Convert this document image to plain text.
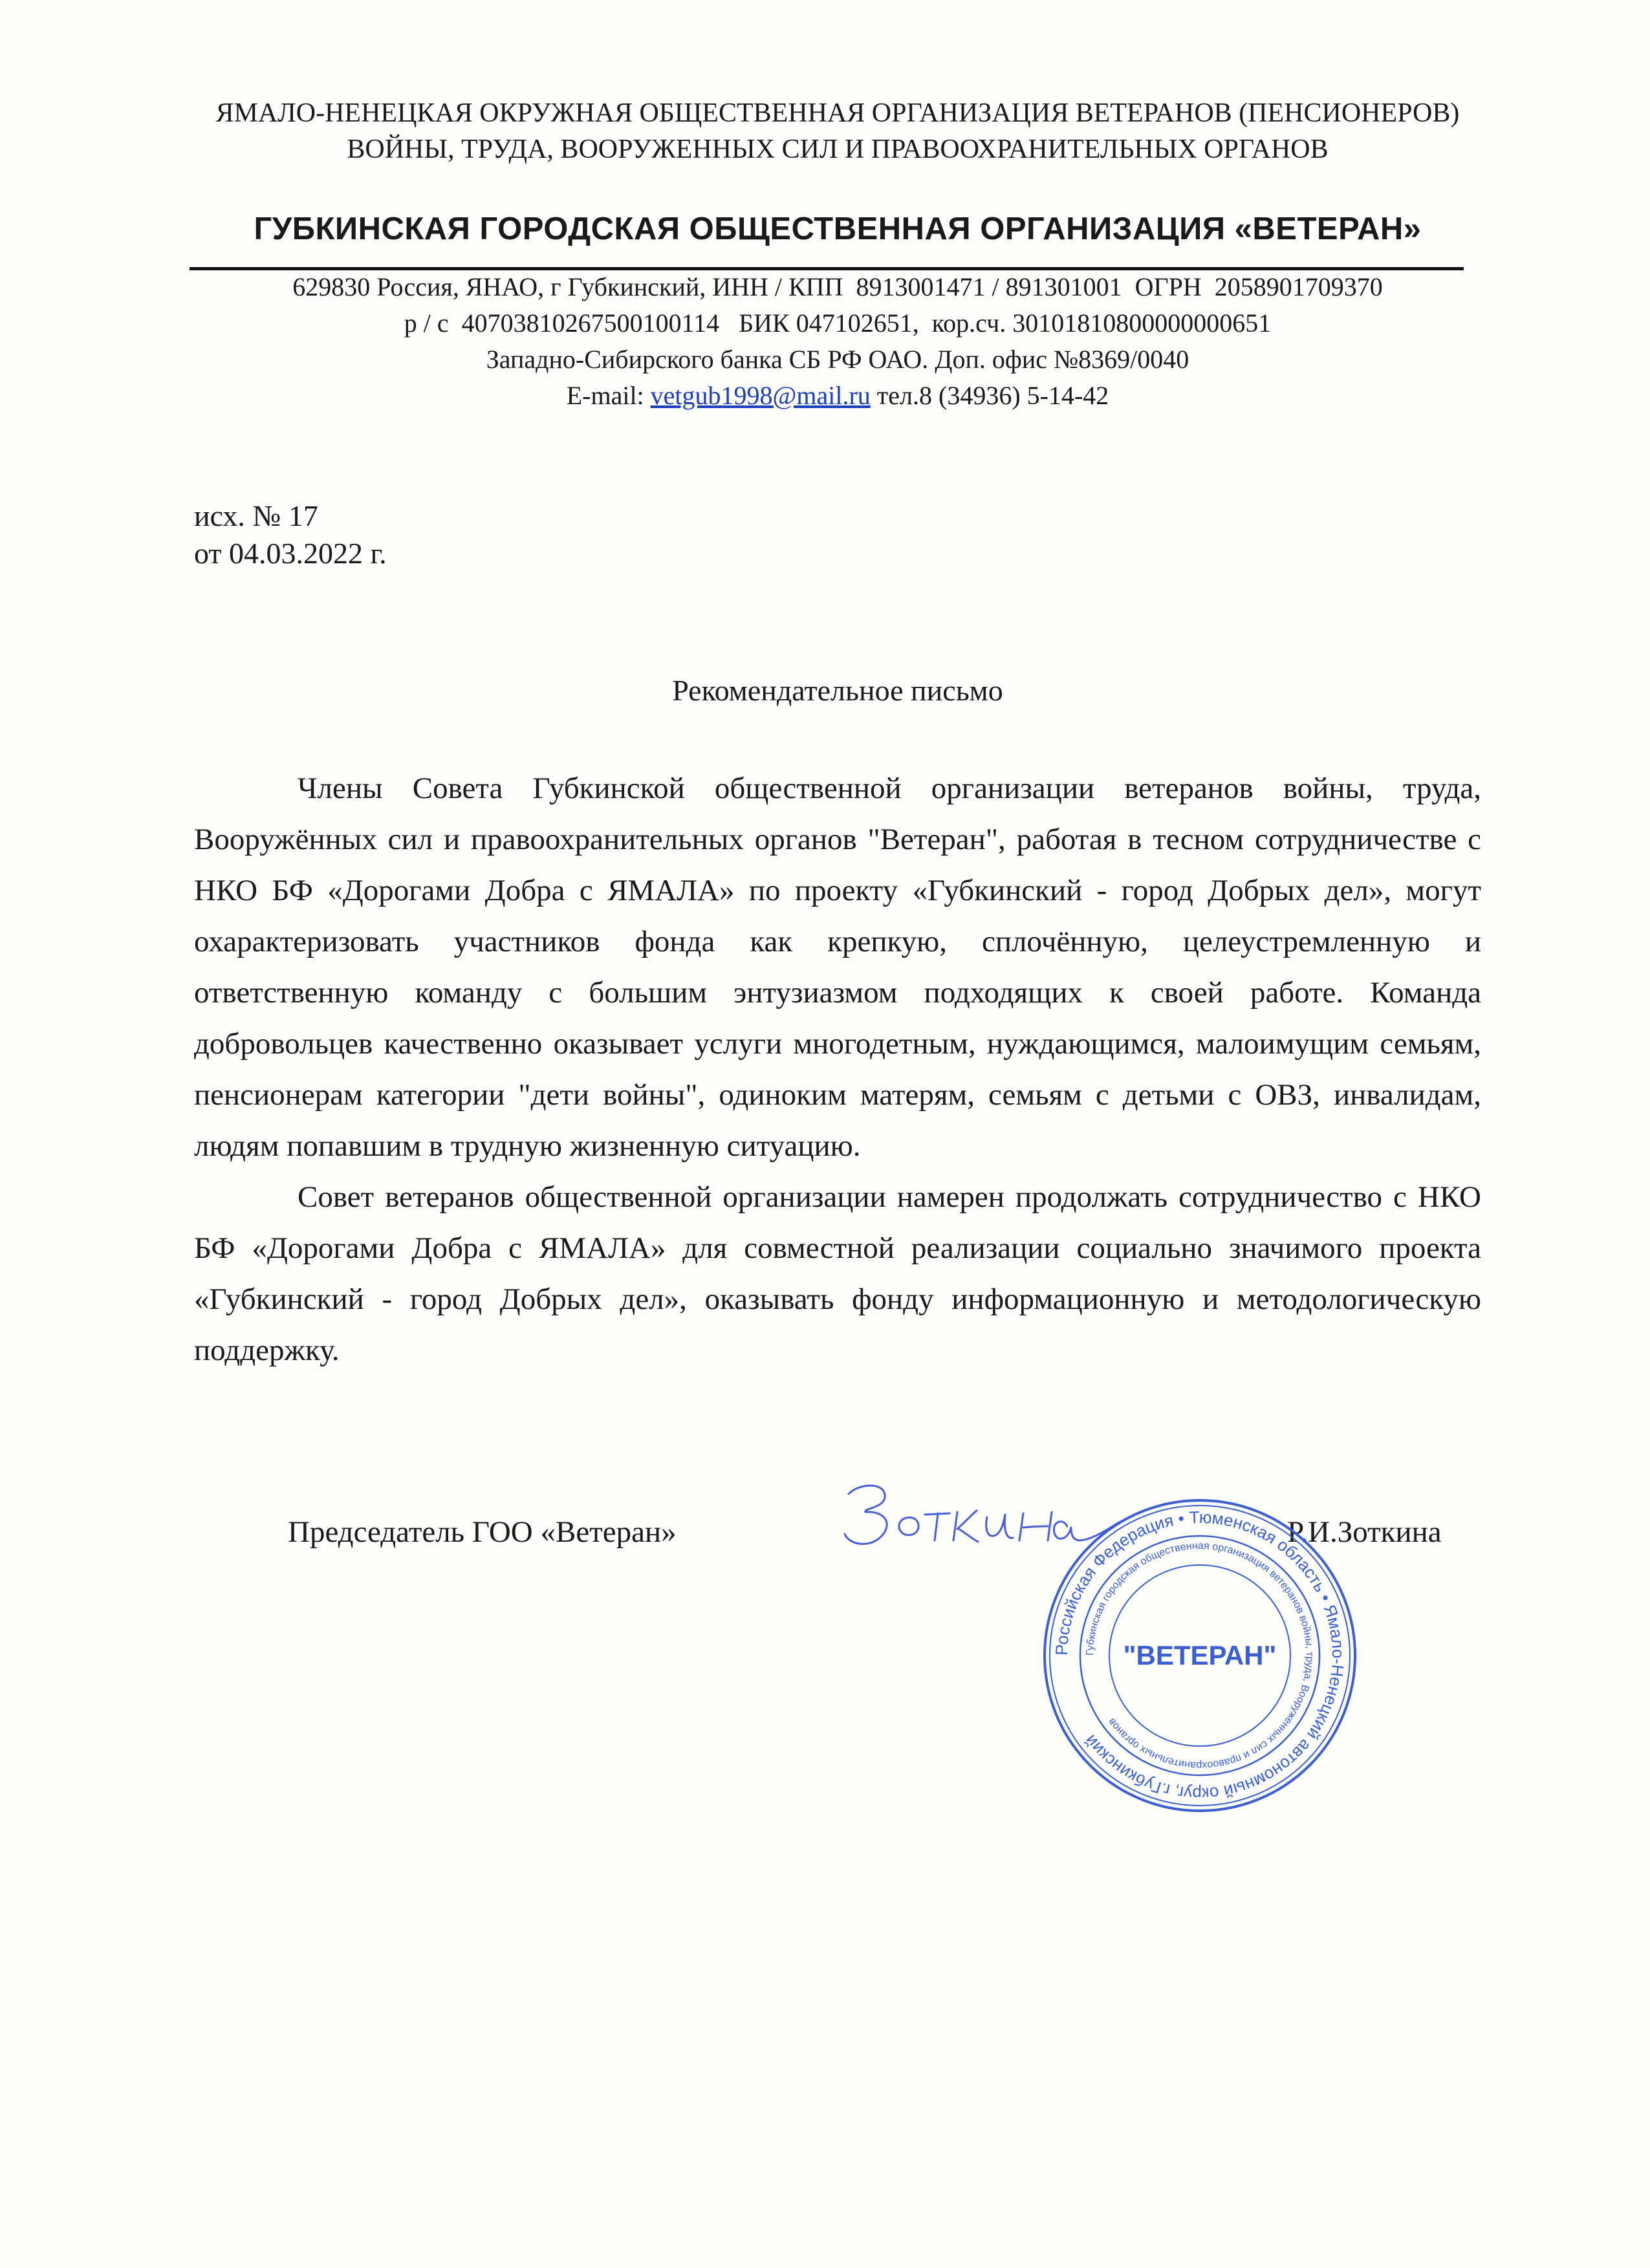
ЯМАЛО-НЕНЕЦКАЯ ОКРУЖНАЯ ОБЩЕСТВЕННАЯ ОРГАНИЗАЦИЯ ВЕТЕРАНОВ (ПЕНСИОНЕРОВ)
ВОЙНЫ, ТРУДА, ВООРУЖЕННЫХ СИЛ И ПРАВООХРАНИТЕЛЬНЫХ ОРГАНОВ
ГУБКИНСКАЯ ГОРОДСКАЯ ОБЩЕСТВЕННАЯ ОРГАНИЗАЦИЯ «ВЕТЕРАН»
629830 Россия, ЯНАО, г Губкинский, ИНН / КПП  8913001471 / 891301001  ОГРН  2058901709370
р / с  40703810267500100114   БИК 047102651,  кор.сч. 30101810800000000651
Западно-Сибирского банка СБ РФ ОАО. Доп. офис №8369/0040
E-mail: vetgub1998@mail.ru тел.8 (34936) 5-14-42
исх. № 17
от 04.03.2022 г.
Рекомендательное письмо

Члены Совета Губкинской общественной организации ветеранов войны, труда, Вооружённых сил и правоохранительных органов "Ветеран", работая в тесном сотрудничестве с НКО БФ «Дорогами Добра с ЯМАЛА» по проекту «Губкинский - город Добрых дел», могут охарактеризовать участников фонда как крепкую, сплочённую, целеустремленную и ответственную команду с большим энтузиазмом подходящих к своей работе. Команда добровольцев качественно оказывает услуги многодетным, нуждающимся, малоимущим семьям, пенсионерам категории "дети войны", одиноким матерям, семьям с детьми с ОВЗ, инвалидам, людям попавшим в трудную жизненную ситуацию.

Совет ветеранов общественной организации намерен продолжать сотрудничество с НКО БФ «Дорогами Добра с ЯМАЛА» для совместной реализации социально значимого проекта «Губкинский - город Добрых дел», оказывать фонду информационную и методологическую поддержку.

Председатель ГОО «Ветеран»	Р.И.Зоткина
Российская Федерация • Тюменская область • Ямало-Ненецкий автономный округ, г.Губкинский
Губкинская городская общественная организация ветеранов войны, труда, Вооруженных сил и правоохранительных органов
"ВЕТЕРАН"
